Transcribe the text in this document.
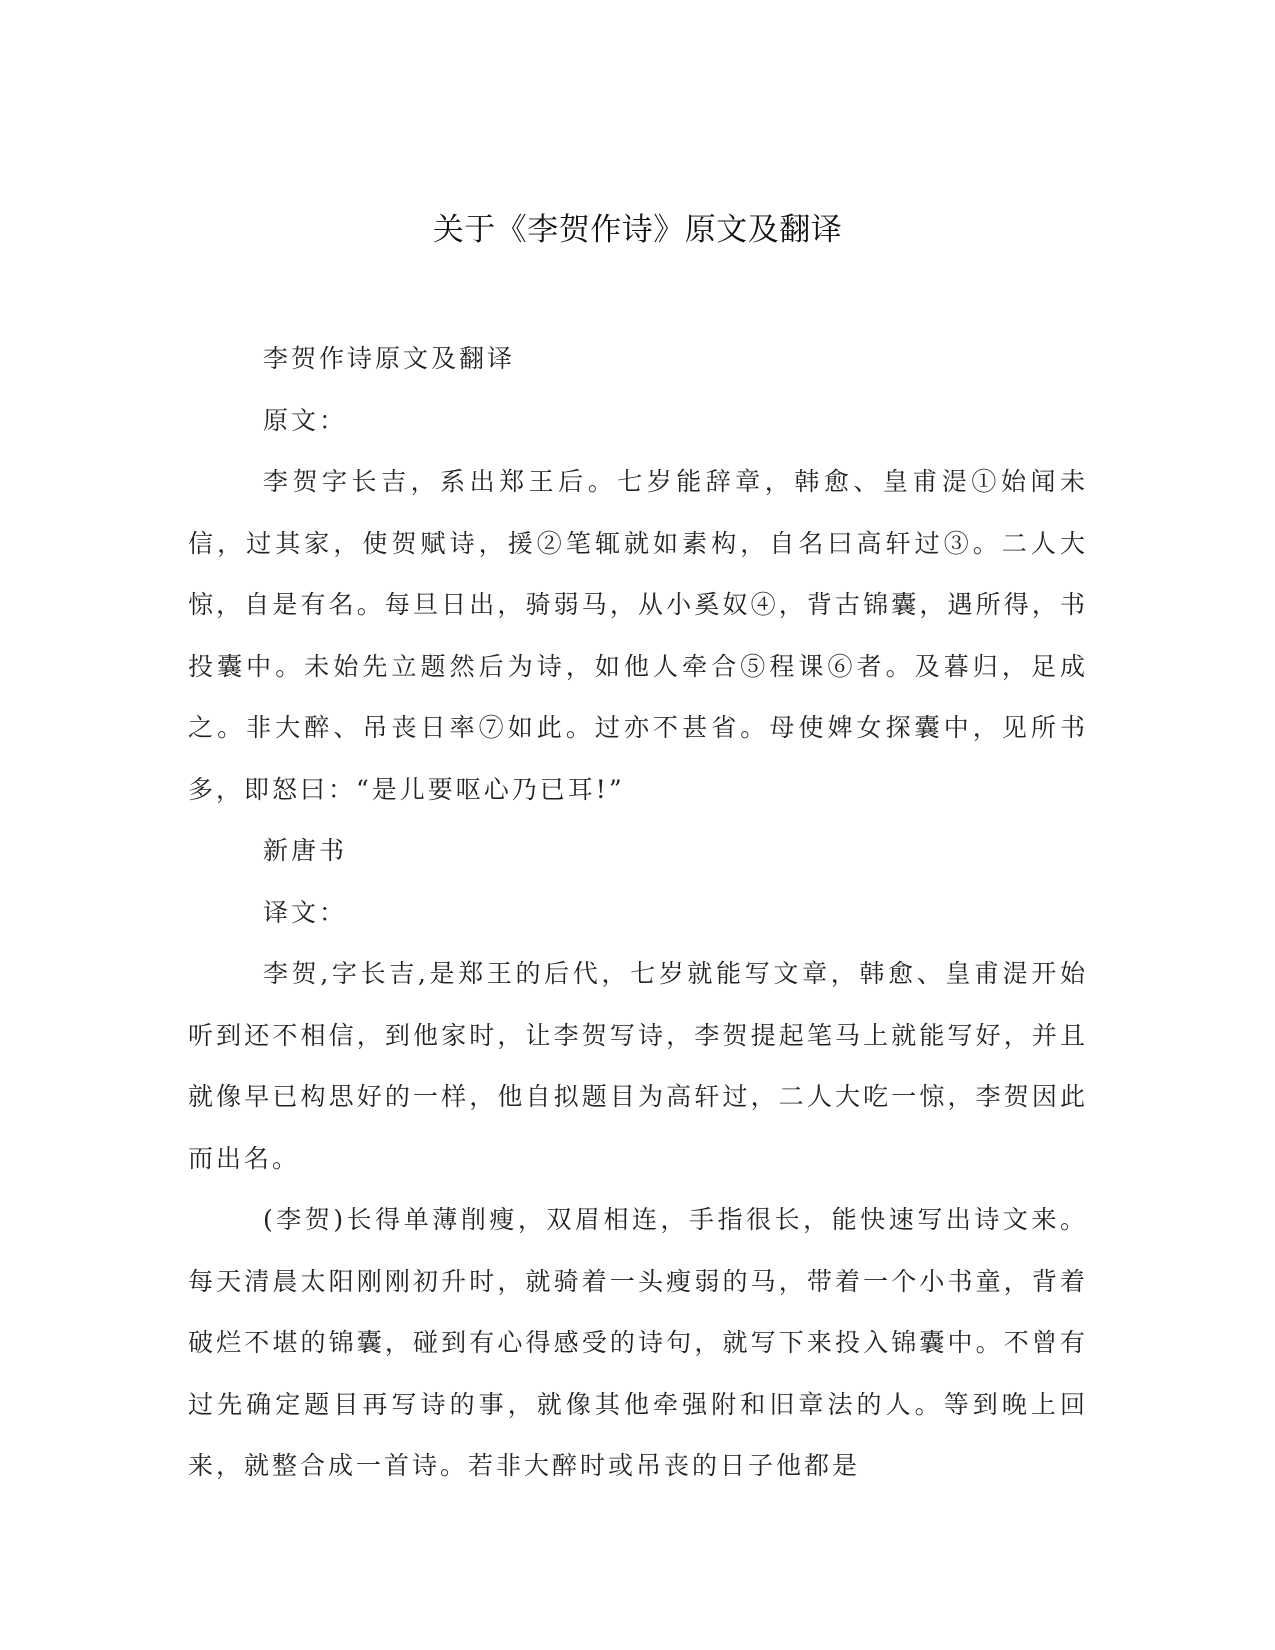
关于《李贺作诗》原文及翻译

李贺作诗原文及翻译

原文：

李贺字长吉，系出郑王后。七岁能辞章，韩愈、皇甫湜①始闻未信，过其家，使贺赋诗，援②笔辄就如素构，自名曰高轩过③。二人大惊，自是有名。每旦日出，骑弱马，从小奚奴④，背古锦囊，遇所得，书投囊中。未始先立题然后为诗，如他人牵合⑤程课⑥者。及暮归，足成之。非大醉、吊丧日率⑦如此。过亦不甚省。母使婢女探囊中，见所书多，即怒曰：“是儿要呕心乃已耳!”

新唐书

译文：

李贺,字长吉,是郑王的后代，七岁就能写文章，韩愈、皇甫湜开始听到还不相信，到他家时，让李贺写诗，李贺提起笔马上就能写好，并且就像早已构思好的一样，他自拟题目为高轩过，二人大吃一惊，李贺因此而出名。

(李贺)长得单薄削瘦，双眉相连，手指很长，能快速写出诗文来。每天清晨太阳刚刚初升时，就骑着一头瘦弱的马，带着一个小书童，背着破烂不堪的锦囊，碰到有心得感受的诗句，就写下来投入锦囊中。不曾有过先确定题目再写诗的事，就像其他牵强附和旧章法的人。等到晚上回来，就整合成一首诗。若非大醉时或吊丧的日子他都是
